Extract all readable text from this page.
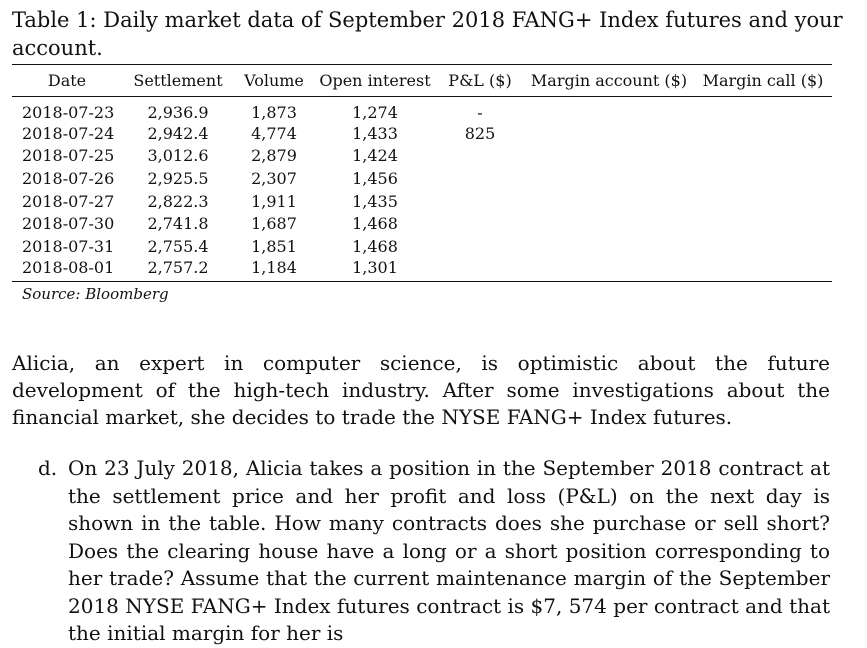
Table 1: Daily market data of September 2018 FANG+ Index futures and your account.
Date	Settlement	Volume	Open interest	P&L ($)	Margin account ($)	Margin call ($)
2018-07-23	2,936.9	1,873	1,274	-		
2018-07-24	2,942.4	4,774	1,433	825		
2018-07-25	3,012.6	2,879	1,424			
2018-07-26	2,925.5	2,307	1,456			
2018-07-27	2,822.3	1,911	1,435			
2018-07-30	2,741.8	1,687	1,468			
2018-07-31	2,755.4	1,851	1,468			
2018-08-01	2,757.2	1,184	1,301			
Source: Bloomberg
Alicia, an expert in computer science, is optimistic about the future development of the high-tech industry. After some investigations about the financial market, she decides to trade the NYSE FANG+ Index futures.
d. On 23 July 2018, Alicia takes a position in the September 2018 contract at the settlement price and her profit and loss (P&L) on the next day is shown in the table. How many contracts does she purchase or sell short? Does the clearing house have a long or a short position corresponding to her trade? Assume that the current maintenance margin of the September 2018 NYSE FANG+ Index futures contract is $7, 574 per contract and that the initial margin for her is
